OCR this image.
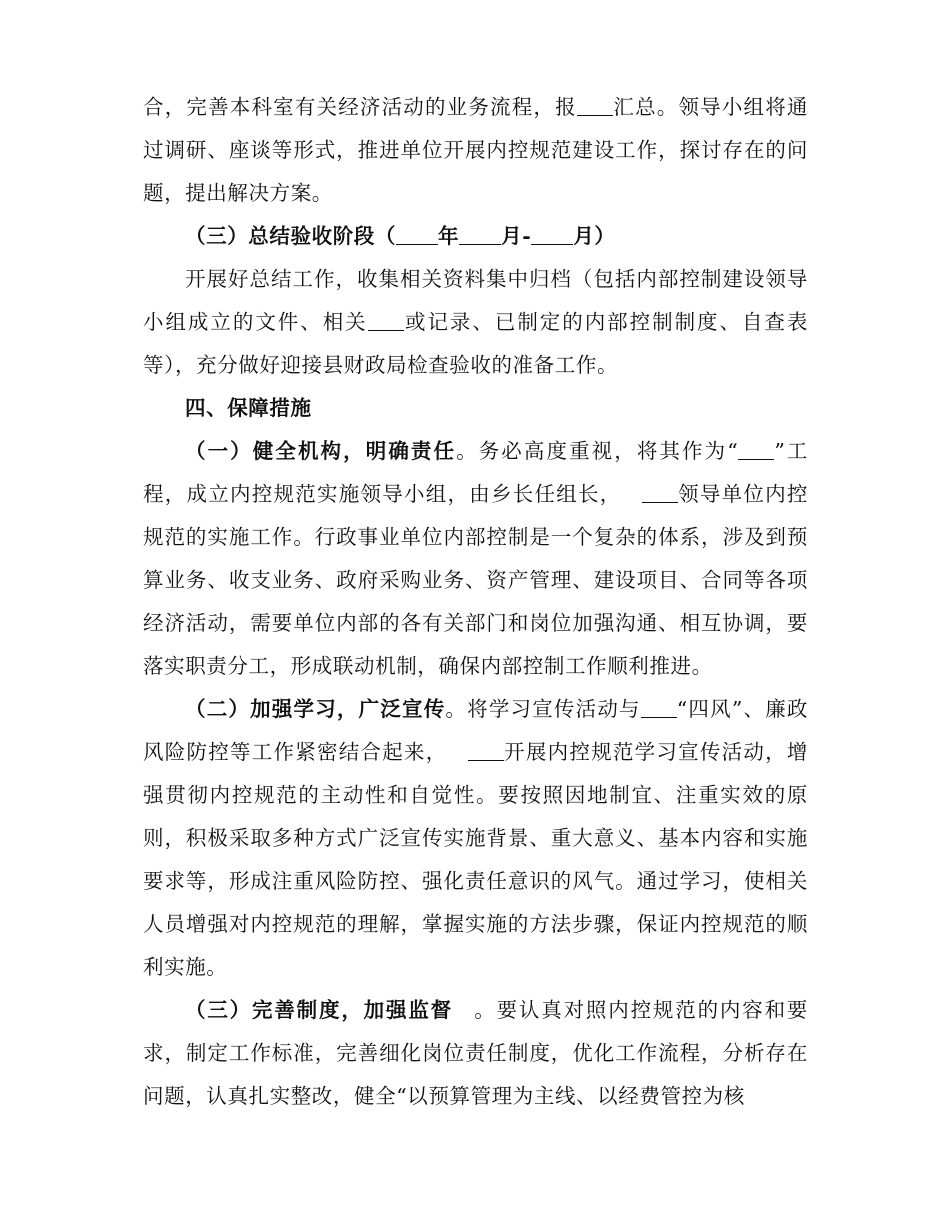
合，完善本科室有关经济活动的业务流程，报 汇总。领导小组将通过调研、座谈等形式，推进单位开展内控规范建设工作，探讨存在的问题，提出解决方案。

（三）总结验收阶段（ 年 月- 月）

开展好总结工作，收集相关资料集中归档（包括内部控制建设领导小组成立的文件、相关 或记录、已制定的内部控制制度、自查表等），充分做好迎接县财政局检查验收的准备工作。

四、保障措施

（一）健全机构，明确责任。务必高度重视，将其作为“ ”工程，成立内控规范实施领导小组，由乡长任组长，	领导单位内控规范的实施工作。行政事业单位内部控制是一个复杂的体系，涉及到预算业务、收支业务、政府采购业务、资产管理、建设项目、合同等各项经济活动，需要单位内部的各有关部门和岗位加强沟通、相互协调，要落实职责分工，形成联动机制，确保内部控制工作顺利推进。

（二）加强学习，广泛宣传。将学习宣传活动与 “四风”、廉政风险防控等工作紧密结合起来，	开展内控规范学习宣传活动，增强贯彻内控规范的主动性和自觉性。要按照因地制宜、注重实效的原则，积极采取多种方式广泛宣传实施背景、重大意义、基本内容和实施要求等，形成注重风险防控、强化责任意识的风气。通过学习，使相关人员增强对内控规范的理解，掌握实施的方法步骤，保证内控规范的顺利实施。

（三）完善制度，加强监督 。要认真对照内控规范的内容和要求，制定工作标准，完善细化岗位责任制度，优化工作流程，分析存在问题，认真扎实整改，健全“以预算管理为主线、以经费管控为核
